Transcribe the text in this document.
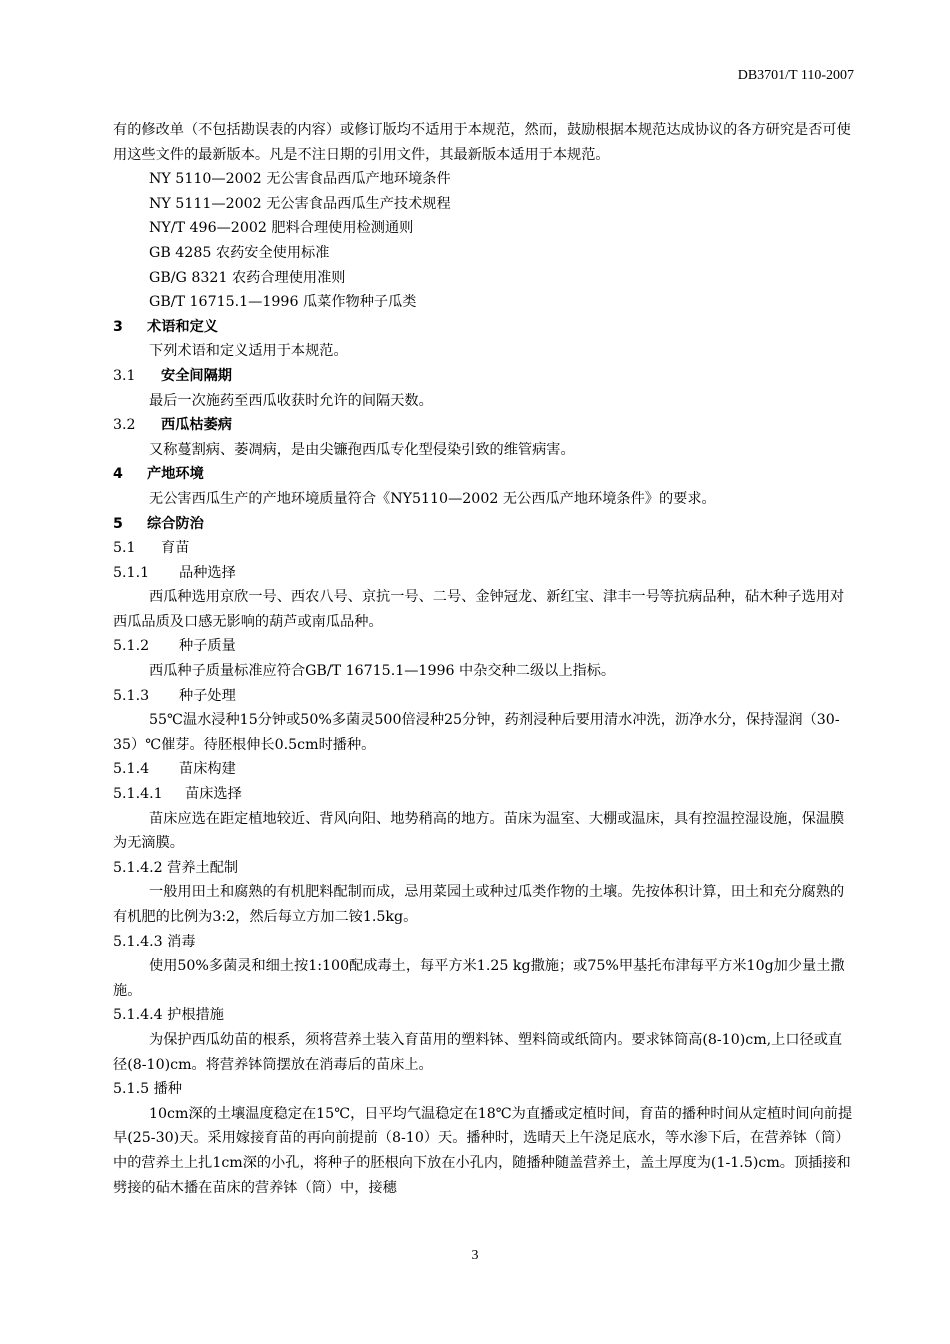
DB3701/T 110-2007

有的修改单（不包括勘误表的内容）或修订版均不适用于本规范，然而，鼓励根据本规范达成协议的各方研究是否可使用这些文件的最新版本。凡是不注日期的引用文件，其最新版本适用于本规范。

NY 5110—2002 无公害食品西瓜产地环境条件

NY 5111—2002 无公害食品西瓜生产技术规程

NY/T 496—2002 肥料合理使用检测通则

GB 4285 农药安全使用标准

GB/G 8321 农药合理使用准则

GB/T 16715.1—1996 瓜菜作物种子瓜类

3 术语和定义

下列术语和定义适用于本规范。

3.1 安全间隔期

最后一次施药至西瓜收获时允许的间隔天数。

3.2 西瓜枯萎病

又称蔓割病、萎凋病，是由尖镰孢西瓜专化型侵染引致的维管病害。

4 产地环境

无公害西瓜生产的产地环境质量符合《NY5110—2002 无公西瓜产地环境条件》的要求。

5 综合防治

5.1 育苗

5.1.1 品种选择

西瓜种选用京欣一号、西农八号、京抗一号、二号、金钟冠龙、新红宝、津丰一号等抗病品种，砧木种子选用对西瓜品质及口感无影响的葫芦或南瓜品种。

5.1.2 种子质量

西瓜种子质量标准应符合GB/T 16715.1—1996 中杂交种二级以上指标。

5.1.3 种子处理

55℃温水浸种15分钟或50%多菌灵500倍浸种25分钟，药剂浸种后要用清水冲洗，沥净水分，保持湿润（30-35）℃催芽。待胚根伸长0.5cm时播种。

5.1.4 苗床构建

5.1.4.1 苗床选择

苗床应选在距定植地较近、背风向阳、地势稍高的地方。苗床为温室、大棚或温床，具有控温控湿设施，保温膜为无滴膜。

5.1.4.2 营养土配制

一般用田土和腐熟的有机肥料配制而成，忌用菜园土或种过瓜类作物的土壤。先按体积计算，田土和充分腐熟的有机肥的比例为3:2，然后每立方加二铵1.5kg。

5.1.4.3 消毒

使用50%多菌灵和细土按1:100配成毒土，每平方米1.25 kg撒施；或75%甲基托布津每平方米10g加少量土撒施。

5.1.4.4 护根措施

为保护西瓜幼苗的根系，须将营养土装入育苗用的塑料钵、塑料筒或纸筒内。要求钵筒高(8-10)cm,上口径或直径(8-10)cm。将营养钵筒摆放在消毒后的苗床上。

5.1.5 播种

10cm深的土壤温度稳定在15℃，日平均气温稳定在18℃为直播或定植时间，育苗的播种时间从定植时间向前提早(25-30)天。采用嫁接育苗的再向前提前（8-10）天。播种时，选晴天上午浇足底水，等水渗下后，在营养钵（筒）中的营养土上扎1cm深的小孔，将种子的胚根向下放在小孔内，随播种随盖营养土，盖土厚度为(1-1.5)cm。顶插接和劈接的砧木播在苗床的营养钵（筒）中，接穗

3
